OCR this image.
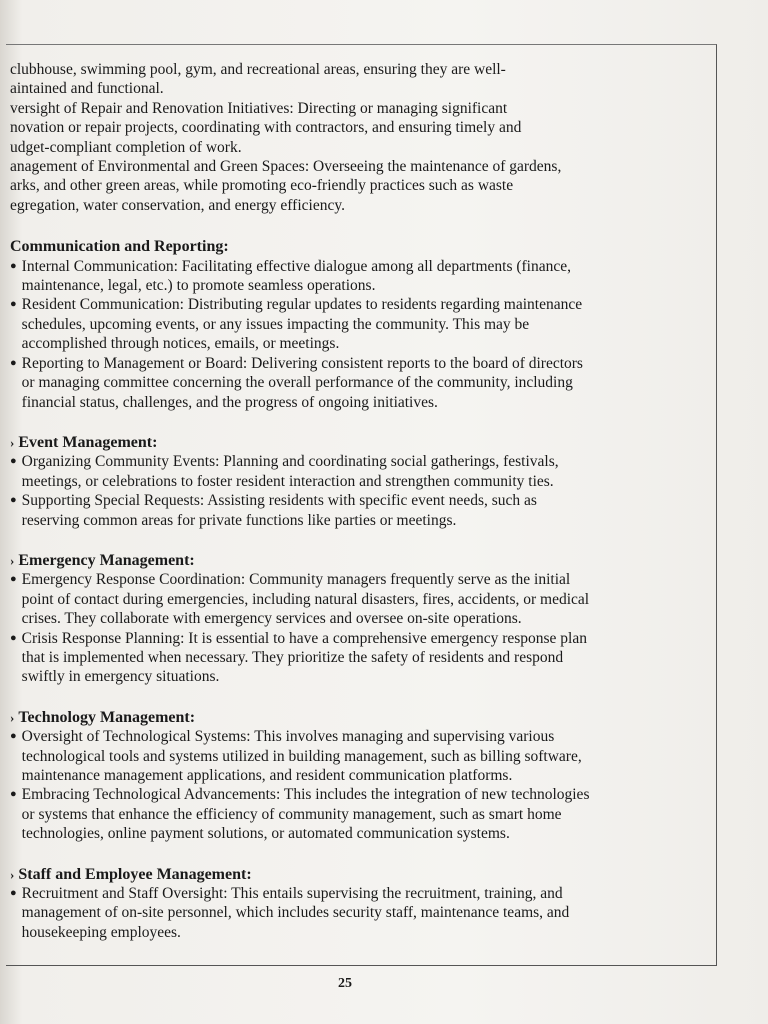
clubhouse, swimming pool, gym, and recreational areas, ensuring they are well-
aintained and functional.
versight of Repair and Renovation Initiatives: Directing or managing significant
novation or repair projects, coordinating with contractors, and ensuring timely and
udget-compliant completion of work.
anagement of Environmental and Green Spaces: Overseeing the maintenance of gardens,
arks, and other green areas, while promoting eco-friendly practices such as waste
egregation, water conservation, and energy efficiency.
Communication and Reporting:
● Internal Communication: Facilitating effective dialogue among all departments (finance,
maintenance, legal, etc.) to promote seamless operations.
● Resident Communication: Distributing regular updates to residents regarding maintenance
schedules, upcoming events, or any issues impacting the community. This may be
accomplished through notices, emails, or meetings.
● Reporting to Management or Board: Delivering consistent reports to the board of directors
or managing committee concerning the overall performance of the community, including
financial status, challenges, and the progress of ongoing initiatives.
› Event Management:
● Organizing Community Events: Planning and coordinating social gatherings, festivals,
meetings, or celebrations to foster resident interaction and strengthen community ties.
● Supporting Special Requests: Assisting residents with specific event needs, such as
reserving common areas for private functions like parties or meetings.
› Emergency Management:
● Emergency Response Coordination: Community managers frequently serve as the initial
point of contact during emergencies, including natural disasters, fires, accidents, or medical
crises. They collaborate with emergency services and oversee on-site operations.
● Crisis Response Planning: It is essential to have a comprehensive emergency response plan
that is implemented when necessary. They prioritize the safety of residents and respond
swiftly in emergency situations.
› Technology Management:
● Oversight of Technological Systems: This involves managing and supervising various
technological tools and systems utilized in building management, such as billing software,
maintenance management applications, and resident communication platforms.
● Embracing Technological Advancements: This includes the integration of new technologies
or systems that enhance the efficiency of community management, such as smart home
technologies, online payment solutions, or automated communication systems.
› Staff and Employee Management:
● Recruitment and Staff Oversight: This entails supervising the recruitment, training, and
management of on-site personnel, which includes security staff, maintenance teams, and
housekeeping employees.
25
